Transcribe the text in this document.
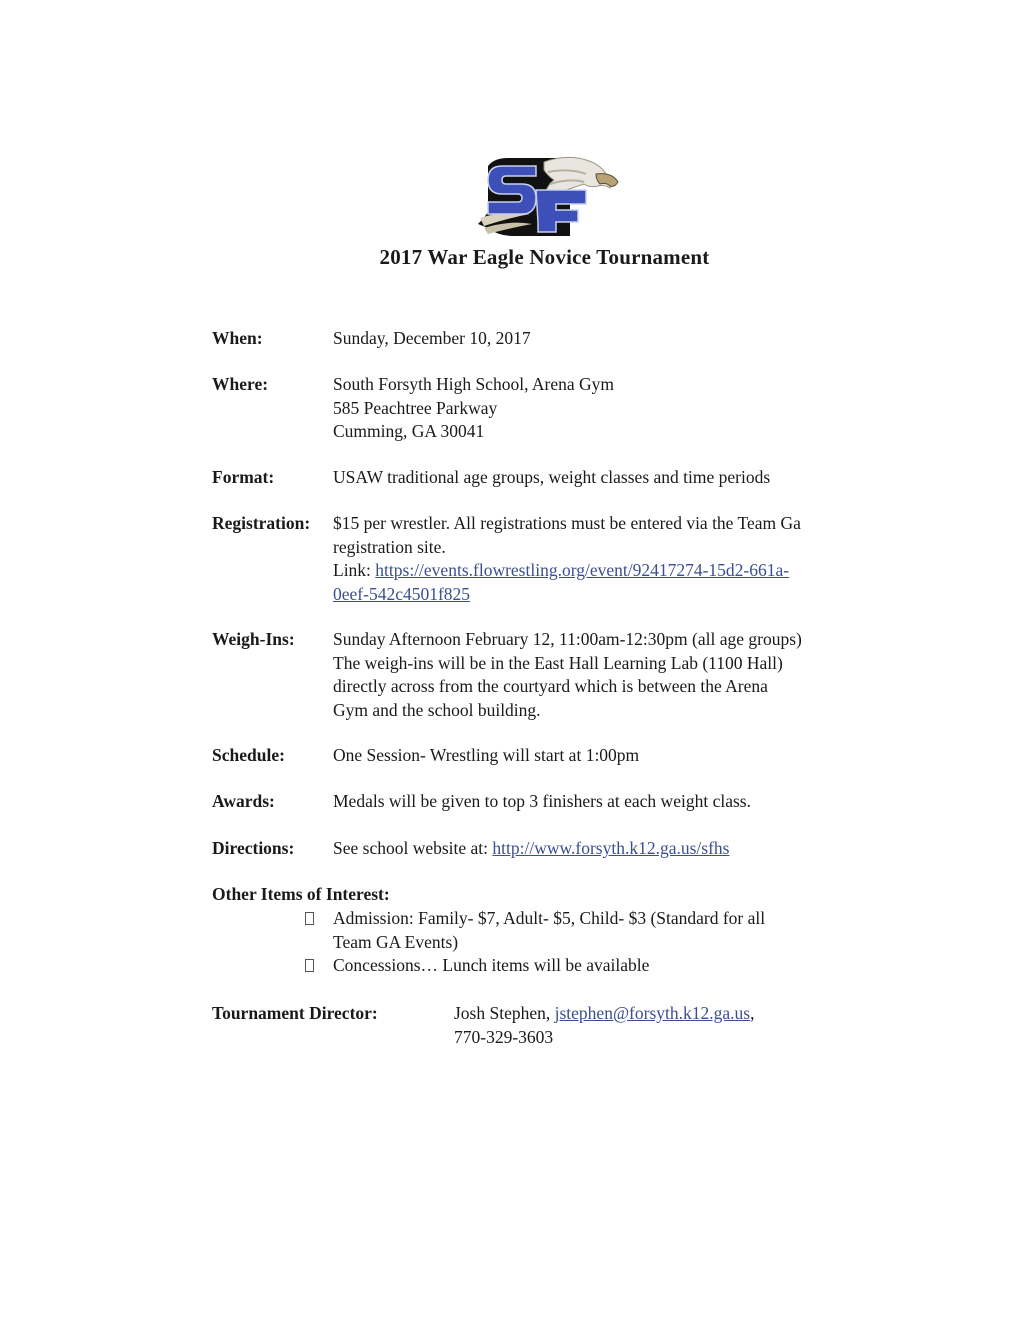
2017 War Eagle Novice Tournament
When:	Sunday, December 10, 2017
Where:	South Forsyth High School, Arena Gym
585 Peachtree Parkway
Cumming, GA 30041
Format:	USAW traditional age groups, weight classes and time periods
Registration: $15 per wrestler. All registrations must be entered via the Team Ga
registration site.
Link: https://events.flowrestling.org/event/92417274-15d2-661a-
0eef-542c4501f825
Weigh-Ins: Sunday Afternoon February 12, 11:00am-12:30pm (all age groups)
The weigh-ins will be in the East Hall Learning Lab (1100 Hall)
directly across from the courtyard which is between the Arena
Gym and the school building.
Schedule:	One Session- Wrestling will start at 1:00pm
Awards:	Medals will be given to top 3 finishers at each weight class.
Directions: See school website at: http://www.forsyth.k12.ga.us/sfhs
Other Items of Interest:
Admission: Family- $7, Adult- $5, Child- $3 (Standard for all
Team GA Events)
Concessions… Lunch items will be available
Tournament Director:	Josh Stephen, jstephen@forsyth.k12.ga.us,
770-329-3603
